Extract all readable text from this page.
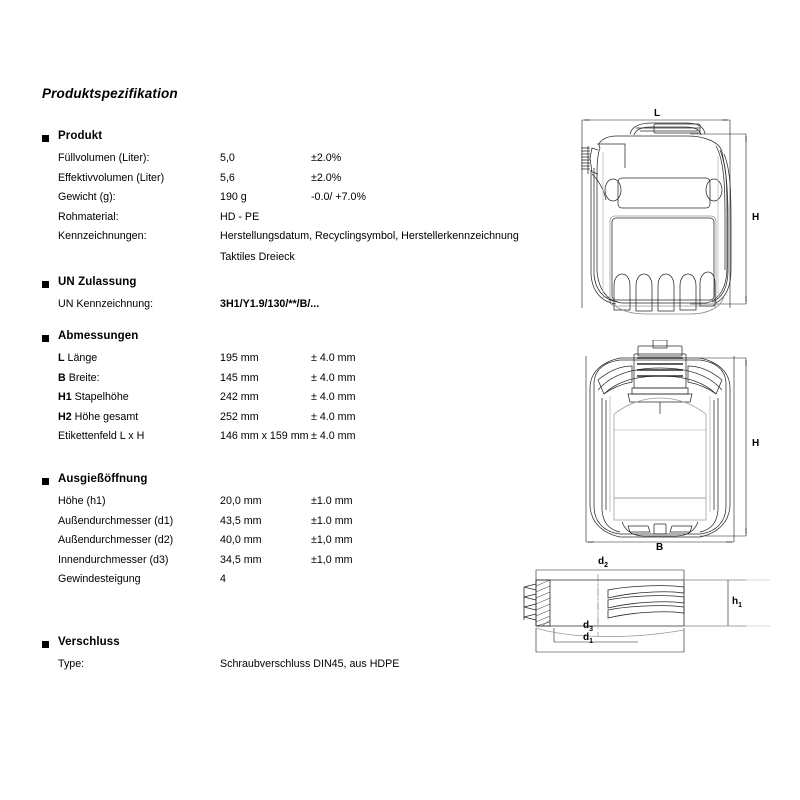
Produktspezifikation
Produkt
Füllvolumen (Liter):	5,0	±2.0%
Effektivvolumen (Liter)	5,6	±2.0%
Gewicht (g):	190 g	-0.0/ +7.0%
Rohmaterial:	HD - PE
Kennzeichnungen:	Herstellungsdatum, Recyclingsymbol, Herstellerkennzeichnung
Taktiles Dreieck
UN Zulassung
UN Kennzeichnung:	3H1/Y1.9/130/**/B/...
Abmessungen
L Länge	195 mm	± 4.0 mm
B Breite:	145 mm	± 4.0 mm
H1 Stapelhöhe	242 mm	± 4.0 mm
H2 Höhe gesamt	252 mm	± 4.0 mm
Etikettenfeld L x H	146 mm x 159 mm ± 4.0 mm
Ausgießöffnung
Höhe (h1)	20,0 mm	±1.0 mm
Außendurchmesser (d1)	43,5 mm	±1.0 mm
Außendurchmesser (d2)	40,0 mm	±1,0 mm
Innendurchmesser (d3)	34,5 mm	±1,0 mm
Gewindesteigung	4
Verschluss
Type:	Schraubverschluss DIN45, aus HDPE
L
H
B
H
$d_2$
$d_3$
$d_1$
$h_1$
